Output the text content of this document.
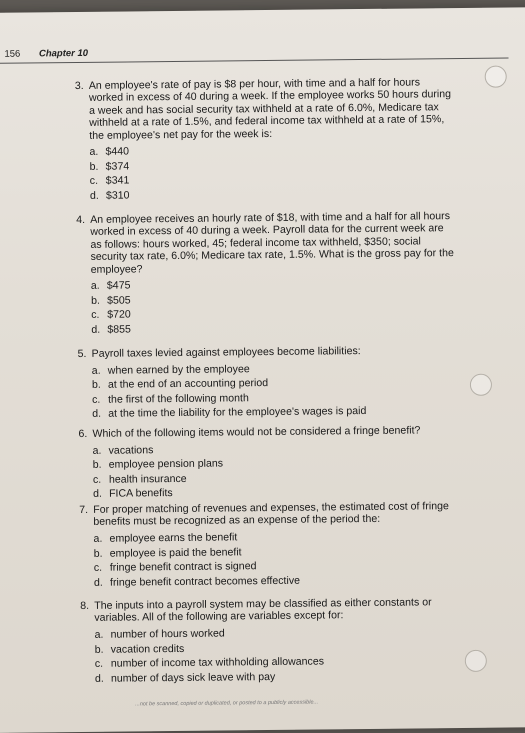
156 Chapter 10
3. An employee's rate of pay is $8 per hour, with time and a half for hours worked in excess of 40 during a week. If the employee works 50 hours during a week and has social security tax withheld at a rate of 6.0%, Medicare tax withheld at a rate of 1.5%, and federal income tax withheld at a rate of 15%, the employee's net pay for the week is:
a. $440
b. $374
c. $341
d. $310
4. An employee receives an hourly rate of $18, with time and a half for all hours worked in excess of 40 during a week. Payroll data for the current week are as follows: hours worked, 45; federal income tax withheld, $350; social security tax rate, 6.0%; Medicare tax rate, 1.5%. What is the gross pay for the employee?
a. $475
b. $505
c. $720
d. $855
5. Payroll taxes levied against employees become liabilities:
a. when earned by the employee
b. at the end of an accounting period
c. the first of the following month
d. at the time the liability for the employee's wages is paid
6. Which of the following items would not be considered a fringe benefit?
a. vacations
b. employee pension plans
c. health insurance
d. FICA benefits
7. For proper matching of revenues and expenses, the estimated cost of fringe benefits must be recognized as an expense of the period the:
a. employee earns the benefit
b. employee is paid the benefit
c. fringe benefit contract is signed
d. fringe benefit contract becomes effective
8. The inputs into a payroll system may be classified as either constants or variables. All of the following are variables except for:
a. number of hours worked
b. vacation credits
c. number of income tax withholding allowances
d. number of days sick leave with pay
...not be scanned, copied or duplicated, or posted to a publicly accessible...
